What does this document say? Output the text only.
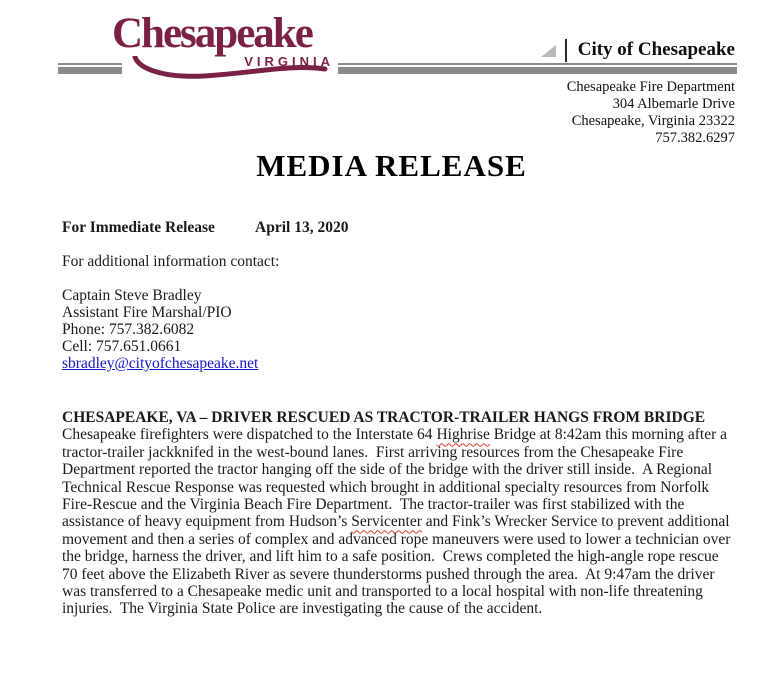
Chesapeake
VIRGINIA
City of Chesapeake
Chesapeake Fire Department
304 Albemarle Drive
Chesapeake, Virginia 23322
757.382.6297
MEDIA RELEASE
For Immediate Release	April 13, 2020

For additional information contact:

Captain Steve Bradley
Assistant Fire Marshal/PIO
Phone: 757.382.6082
Cell: 757.651.0661
sbradley@cityofchesapeake.net

CHESAPEAKE, VA – DRIVER RESCUED AS TRACTOR-TRAILER HANGS FROM BRIDGE

Chesapeake firefighters were dispatched to the Interstate 64 Highrise Bridge at 8:42am this morning after a tractor-trailer jackknifed in the west-bound lanes.  First arriving resources from the Chesapeake Fire Department reported the tractor hanging off the side of the bridge with the driver still inside.  A Regional Technical Rescue Response was requested which brought in additional specialty resources from Norfolk Fire-Rescue and the Virginia Beach Fire Department.  The tractor-trailer was first stabilized with the assistance of heavy equipment from Hudson’s Servicenter and Fink’s Wrecker Service to prevent additional movement and then a series of complex and advanced rope maneuvers were used to lower a technician over the bridge, harness the driver, and lift him to a safe position.  Crews completed the high-angle rope rescue 70 feet above the Elizabeth River as severe thunderstorms pushed through the area.  At 9:47am the driver was transferred to a Chesapeake medic unit and transported to a local hospital with non-life threatening injuries.  The Virginia State Police are investigating the cause of the accident.
